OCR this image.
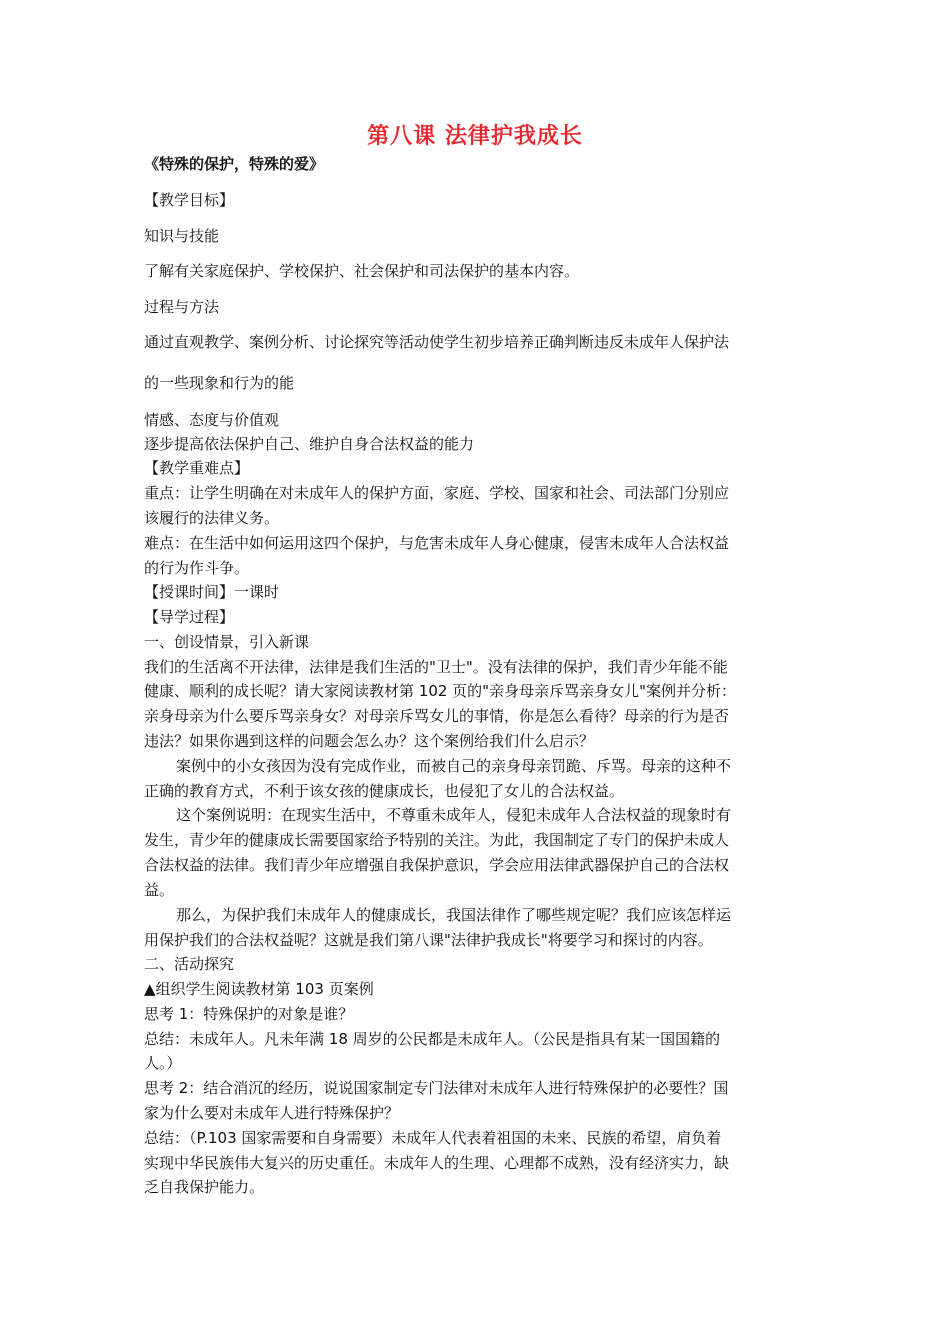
第八课 法律护我成长
《特殊的保护，特殊的爱》
【教学目标】
知识与技能
了解有关家庭保护、学校保护、社会保护和司法保护的基本内容。
过程与方法
通过直观教学、案例分析、讨论探究等活动使学生初步培养正确判断违反未成年人保护法
的一些现象和行为的能
情感、态度与价值观
逐步提高依法保护自己、维护自身合法权益的能力
【教学重难点】
重点：让学生明确在对未成年人的保护方面，家庭、学校、国家和社会、司法部门分别应
该履行的法律义务。
难点：在生活中如何运用这四个保护，与危害未成年人身心健康，侵害未成年人合法权益
的行为作斗争。
【授课时间】一课时
【导学过程】
一、创设情景，引入新课
我们的生活离不开法律，法律是我们生活的"卫士"。没有法律的保护，我们青少年能不能
健康、顺利的成长呢？请大家阅读教材第 102 页的"亲身母亲斥骂亲身女儿"案例并分析：
亲身母亲为什么要斥骂亲身女？对母亲斥骂女儿的事情，你是怎么看待？母亲的行为是否
违法？如果你遇到这样的问题会怎么办？这个案例给我们什么启示？
案例中的小女孩因为没有完成作业，而被自己的亲身母亲罚跪、斥骂。母亲的这种不
正确的教育方式，不利于该女孩的健康成长，也侵犯了女儿的合法权益。
这个案例说明：在现实生活中，不尊重未成年人，侵犯未成年人合法权益的现象时有
发生，青少年的健康成长需要国家给予特别的关注。为此，我国制定了专门的保护未成人
合法权益的法律。我们青少年应增强自我保护意识，学会应用法律武器保护自己的合法权
益。
那么，为保护我们未成年人的健康成长，我国法律作了哪些规定呢？我们应该怎样运
用保护我们的合法权益呢？这就是我们第八课"法律护我成长"将要学习和探讨的内容。
二、活动探究
▲组织学生阅读教材第 103 页案例
思考 1：特殊保护的对象是谁？
总结：未成年人。凡未年满 18 周岁的公民都是未成年人。（公民是指具有某一国国籍的
人。）
思考 2：结合消沉的经历，说说国家制定专门法律对未成年人进行特殊保护的必要性？国
家为什么要对未成年人进行特殊保护？
总结：（P.103 国家需要和自身需要）未成年人代表着祖国的未来、民族的希望，肩负着
实现中华民族伟大复兴的历史重任。未成年人的生理、心理都不成熟，没有经济实力，缺
乏自我保护能力。
